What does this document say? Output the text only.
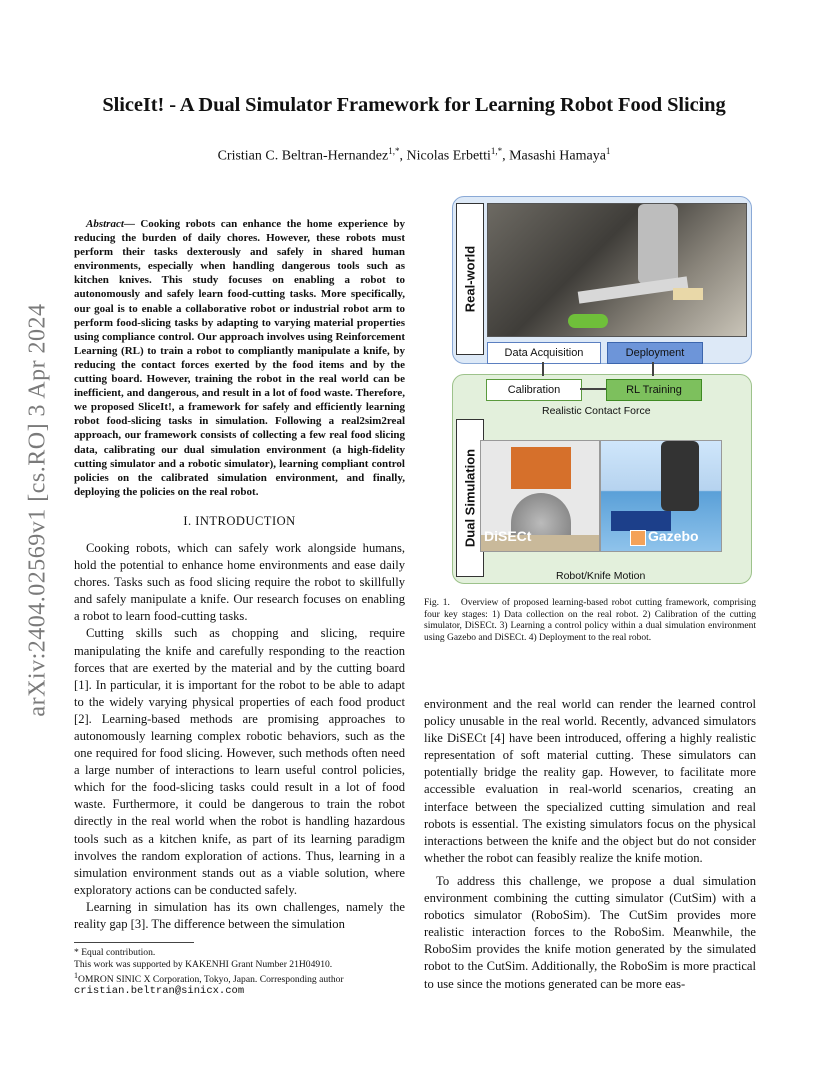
arXiv:2404.02569v1 [cs.RO] 3 Apr 2024
SliceIt! - A Dual Simulator Framework for Learning Robot Food Slicing
Cristian C. Beltran-Hernandez$^{1,*}$, Nicolas Erbetti$^{1,*}$, Masashi Hamaya$^1$

Abstract— Cooking robots can enhance the home experience by reducing the burden of daily chores. However, these robots must perform their tasks dexterously and safely in shared human environments, especially when handling dangerous tools such as kitchen knives. This study focuses on enabling a robot to autonomously and safely learn food-cutting tasks. More specifically, our goal is to enable a collaborative robot or industrial robot arm to perform food-slicing tasks by adapting to varying material properties using compliance control. Our approach involves using Reinforcement Learning (RL) to train a robot to compliantly manipulate a knife, by reducing the contact forces exerted by the food items and by the cutting board. However, training the robot in the real world can be inefficient, and dangerous, and result in a lot of food waste. Therefore, we proposed SliceIt!, a framework for safely and efficiently learning robot food-slicing tasks in simulation. Following a real2sim2real approach, our framework consists of collecting a few real food slicing data, calibrating our dual simulation environment (a high-fidelity cutting simulator and a robotic simulator), learning compliant control policies on the calibrated simulation environment, and finally, deploying the policies on the real robot.

I. INTRODUCTION

Cooking robots, which can safely work alongside humans, hold the potential to enhance home environments and ease daily chores. Tasks such as food slicing require the robot to skillfully and safely manipulate a knife. Our research focuses on enabling a robot to learn food-cutting tasks.

Cutting skills such as chopping and slicing, require manipulating the knife and carefully responding to the reaction forces that are exerted by the material and by the cutting board [1]. In particular, it is important for the robot to be able to adapt to the widely varying physical properties of each food product [2]. Learning-based methods are promising approaches to autonomously learning complex robotic behaviors, such as the one required for food slicing. However, such methods often need a large number of interactions to learn useful control policies, which for the food-slicing tasks could result in a lot of food waste. Furthermore, it could be dangerous to train the robot directly in the real world when the robot is handling hazardous tools such as a kitchen knife, as part of its learning paradigm involves the random exploration of actions. Thus, learning in a simulation environment stands out as a viable solution, where exploratory actions can be conducted safely.

Learning in simulation has its own challenges, namely the reality gap [3]. The difference between the simulation

* Equal contribution.

This work was supported by KAKENHI Grant Number 21H04910.

$^1$OMRON SINIC X Corporation, Tokyo, Japan. Corresponding author

cristian.beltran@sinicx.com

Real-world
Data Acquisition	Deployment
Dual Simulation
Calibration	RL Training
Realistic Contact Force
DiSECt	Gazebo
Robot/Knife Motion
Fig. 1. Overview of proposed learning-based robot cutting framework, comprising four key stages: 1) Data collection on the real robot. 2) Calibration of the cutting simulator, DiSECt. 3) Learning a control policy within a dual simulation environment using Gazebo and DiSECt. 4) Deployment to the real robot.

environment and the real world can render the learned control policy unusable in the real world. Recently, advanced simulators like DiSECt [4] have been introduced, offering a highly realistic representation of soft material cutting. These simulators can potentially bridge the reality gap. However, to facilitate more accessible evaluation in real-world scenarios, creating an interface between the specialized cutting simulation and real robots is essential. The existing simulators focus on the physical interactions between the knife and the object but do not consider whether the robot can feasibly realize the knife motion.

To address this challenge, we propose a dual simulation environment combining the cutting simulator (CutSim) with a robotics simulator (RoboSim). The CutSim provides more realistic interaction forces to the RoboSim. Meanwhile, the RoboSim provides the knife motion generated by the simulated robot to the CutSim. Additionally, the RoboSim is more practical to use since the motions generated can be more eas-
